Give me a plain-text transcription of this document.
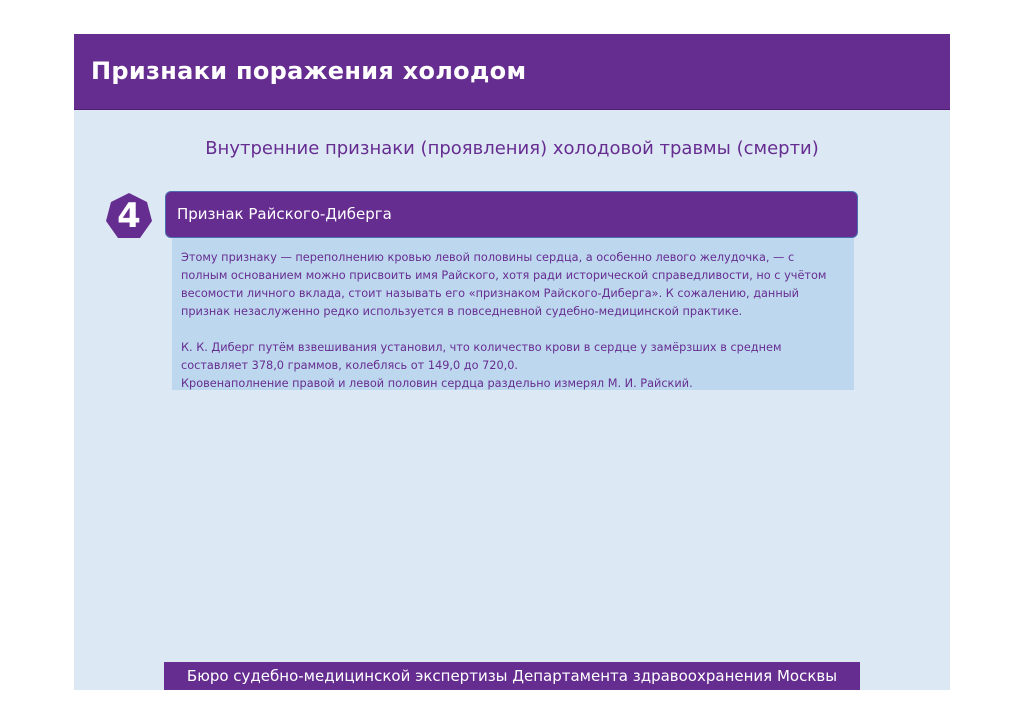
Признаки поражения холодом
Внутренние признаки (проявления) холодовой травмы (смерти)
4	Признак Райского-Диберга

Этому признаку — переполнению кровью левой половины сердца, а особенно левого желудочка, — с полным основанием можно присвоить имя Райского, хотя ради исторической справедливости, но с учётом весомости личного вклада, стоит называть его «признаком Райского-Диберга». К сожалению, данный признак незаслуженно редко используется в повседневной судебно-медицинской практике.

К. К. Диберг путём взвешивания установил, что количество крови в сердце у замёрзших в среднем составляет 378,0 граммов, колеблясь от 149,0 до 720,0.

Кровенаполнение правой и левой половин сердца раздельно измерял М. И. Райский.

Бюро судебно-медицинской экспертизы Департамента здравоохранения Москвы
